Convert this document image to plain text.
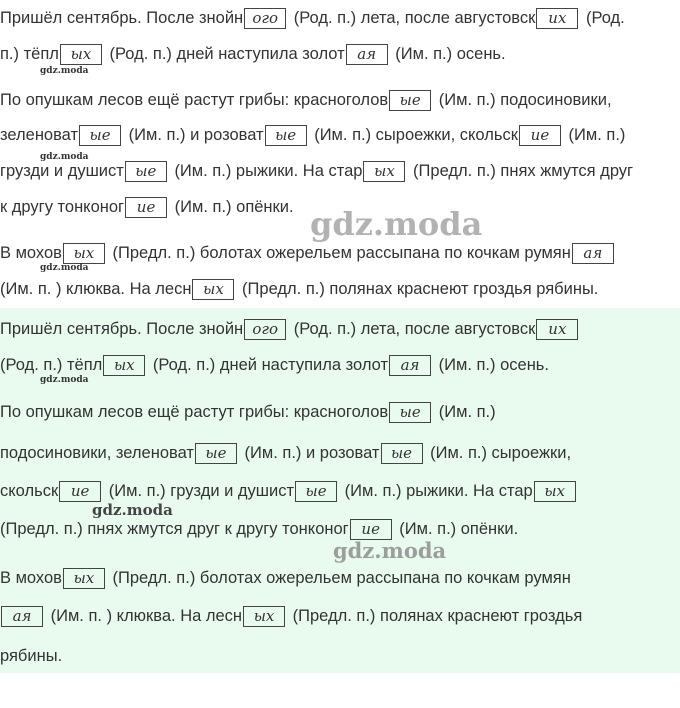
Пришёл сентябрь. После знойн ого (Род. п.) лета, после августовск их (Род.
п.) тёпл ых (Род. п.) дней наступила золот ая (Им. п.) осень.
По опушкам лесов ещё растут грибы: красноголов ые (Им. п.) подосиновики,
зеленоват ые (Им. п.) и розоват ые (Им. п.) сыроежки, скольск ие (Им. п.)
грузди и душист ые (Им. п.) рыжики. На стар ых (Предл. п.) пнях жмутся друг
к другу тонконог ие (Им. п.) опёнки.
В мохов ых (Предл. п.) болотах ожерельем рассыпана по кочкам румян ая
(Им. п. ) клюква. На лесн ых (Предл. п.) полянах краснеют гроздья рябины.
gdz.moda
gdz.moda
gdz.moda
gdz.moda
Пришёл сентябрь. После знойн ого (Род. п.) лета, после августовск их
(Род. п.) тёпл ых (Род. п.) дней наступила золот ая (Им. п.) осень.
По опушкам лесов ещё растут грибы: красноголов ые (Им. п.)
подосиновики, зеленоват ые (Им. п.) и розоват ые (Им. п.) сыроежки,
скольск ие (Им. п.) грузди и душист ые (Им. п.) рыжики. На стар ых
(Предл. п.) пнях жмутся друг к другу тонконог ие (Им. п.) опёнки.
В мохов ых (Предл. п.) болотах ожерельем рассыпана по кочкам румян
ая (Им. п. ) клюква. На лесн ых (Предл. п.) полянах краснеют гроздья
рябины.
gdz.moda
gdz.moda
gdz.moda
